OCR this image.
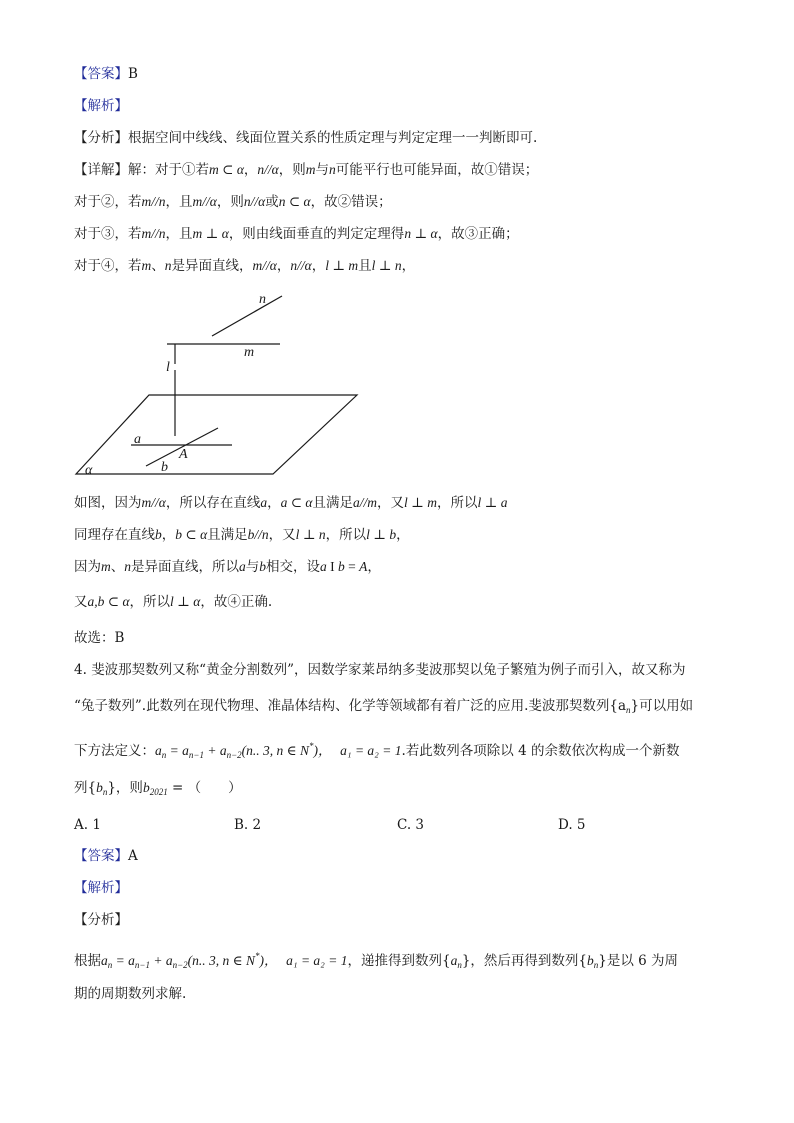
【答案】B
【解析】
【分析】根据空间中线线、线面位置关系的性质定理与判定定理一一判断即可.
【详解】解：对于①若m ⊂ α，n//α，则m与n可能平行也可能异面，故①错误；
对于②，若m//n，且m//α，则n//α或n ⊂ α，故②错误；
对于③，若m//n，且m ⊥ α，则由线面垂直的判定定理得n ⊥ α，故③正确；
对于④，若m、n是异面直线，m//α，n//α，l ⊥ m且l ⊥ n，
n
m
l
a
A
b
α
如图，因为m//α，所以存在直线a，a ⊂ α且满足a//m，又l ⊥ m，所以l ⊥ a
同理存在直线b，b ⊂ α且满足b//n，又l ⊥ n，所以l ⊥ b，
因为m、n是异面直线，所以a与b相交，设a I b = A，
又a,b ⊂ α，所以l ⊥ α，故④正确.
故选：B
4. 斐波那契数列又称“黄金分割数列”，因数学家莱昂纳多斐波那契以兔子繁殖为例子而引入，故又称为
“兔子数列”.此数列在现代物理、准晶体结构、化学等领域都有着广泛的应用.斐波那契数列$\{a_n\}$可以用如
下方法定义：$a_n = a_{n-1} + a_{n-2}(n$.. 3, n ∈ N*)， a₁ = a₂ = 1.若此数列各项除以 4 的余数依次构成一个新数
列$\{b_n\}$，则$b_{2021}$ = （　　）
A. 1	B. 2	C. 3	D. 5
【答案】A
【解析】
【分析】
根据$a_n = a_{n-1} + a_{n-2}(n$.. 3, n ∈ N*)， a₁ = a₂ = 1，递推得到数列$\{a_n\}$，然后再得到数列$\{b_n\}$是以 6 为周
期的周期数列求解.
